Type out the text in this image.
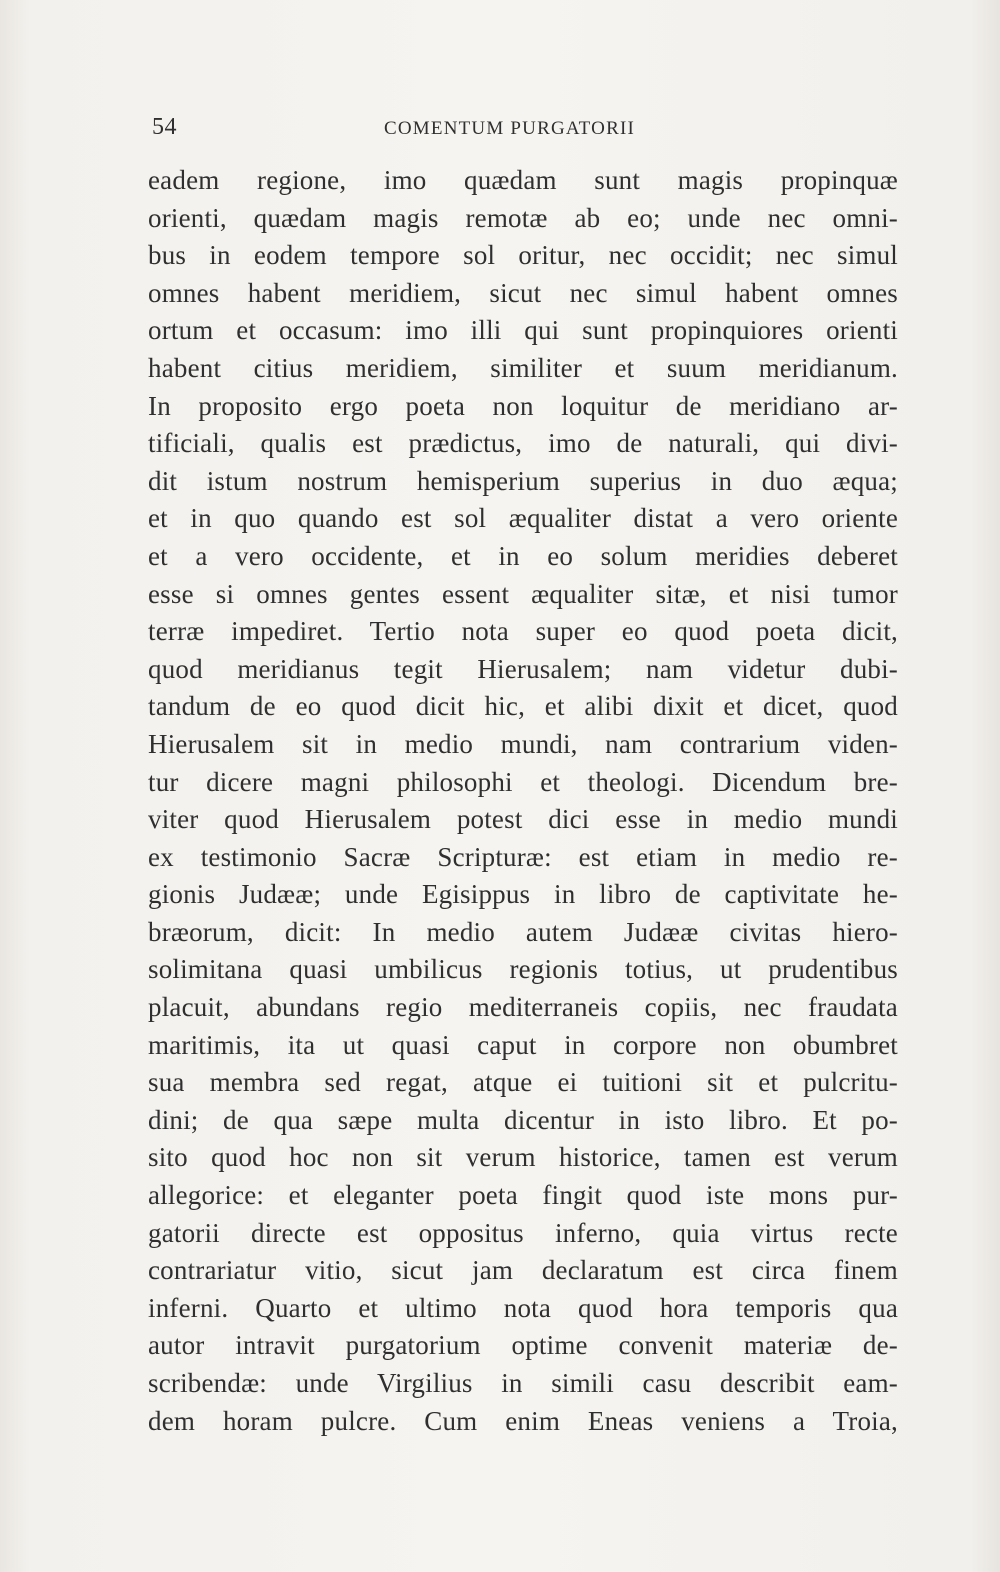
54	COMENTUM PURGATORII
eadem regione, imo quædam sunt magis propinquæ
orienti, quædam magis remotæ ab eo; unde nec omni-
bus in eodem tempore sol oritur, nec occidit; nec simul
omnes habent meridiem, sicut nec simul habent omnes
ortum et occasum: imo illi qui sunt propinquiores orienti
habent citius meridiem, similiter et suum meridianum.
In proposito ergo poeta non loquitur de meridiano ar-
tificiali, qualis est prædictus, imo de naturali, qui divi-
dit istum nostrum hemisperium superius in duo æqua;
et in quo quando est sol æqualiter distat a vero oriente
et a vero occidente, et in eo solum meridies deberet
esse si omnes gentes essent æqualiter sitæ, et nisi tumor
terræ impediret. Tertio nota super eo quod poeta dicit,
quod meridianus tegit Hierusalem; nam videtur dubi-
tandum de eo quod dicit hic, et alibi dixit et dicet, quod
Hierusalem sit in medio mundi, nam contrarium viden-
tur dicere magni philosophi et theologi. Dicendum bre-
viter quod Hierusalem potest dici esse in medio mundi
ex testimonio Sacræ Scripturæ: est etiam in medio re-
gionis Judææ; unde Egisippus in libro de captivitate he-
bræorum, dicit: In medio autem Judææ civitas hiero-
solimitana quasi umbilicus regionis totius, ut prudentibus
placuit, abundans regio mediterraneis copiis, nec fraudata
maritimis, ita ut quasi caput in corpore non obumbret
sua membra sed regat, atque ei tuitioni sit et pulcritu-
dini; de qua sæpe multa dicentur in isto libro. Et po-
sito quod hoc non sit verum historice, tamen est verum
allegorice: et eleganter poeta fingit quod iste mons pur-
gatorii directe est oppositus inferno, quia virtus recte
contrariatur vitio, sicut jam declaratum est circa finem
inferni. Quarto et ultimo nota quod hora temporis qua
autor intravit purgatorium optime convenit materiæ de-
scribendæ: unde Virgilius in simili casu describit eam-
dem horam pulcre. Cum enim Eneas veniens a Troia,
